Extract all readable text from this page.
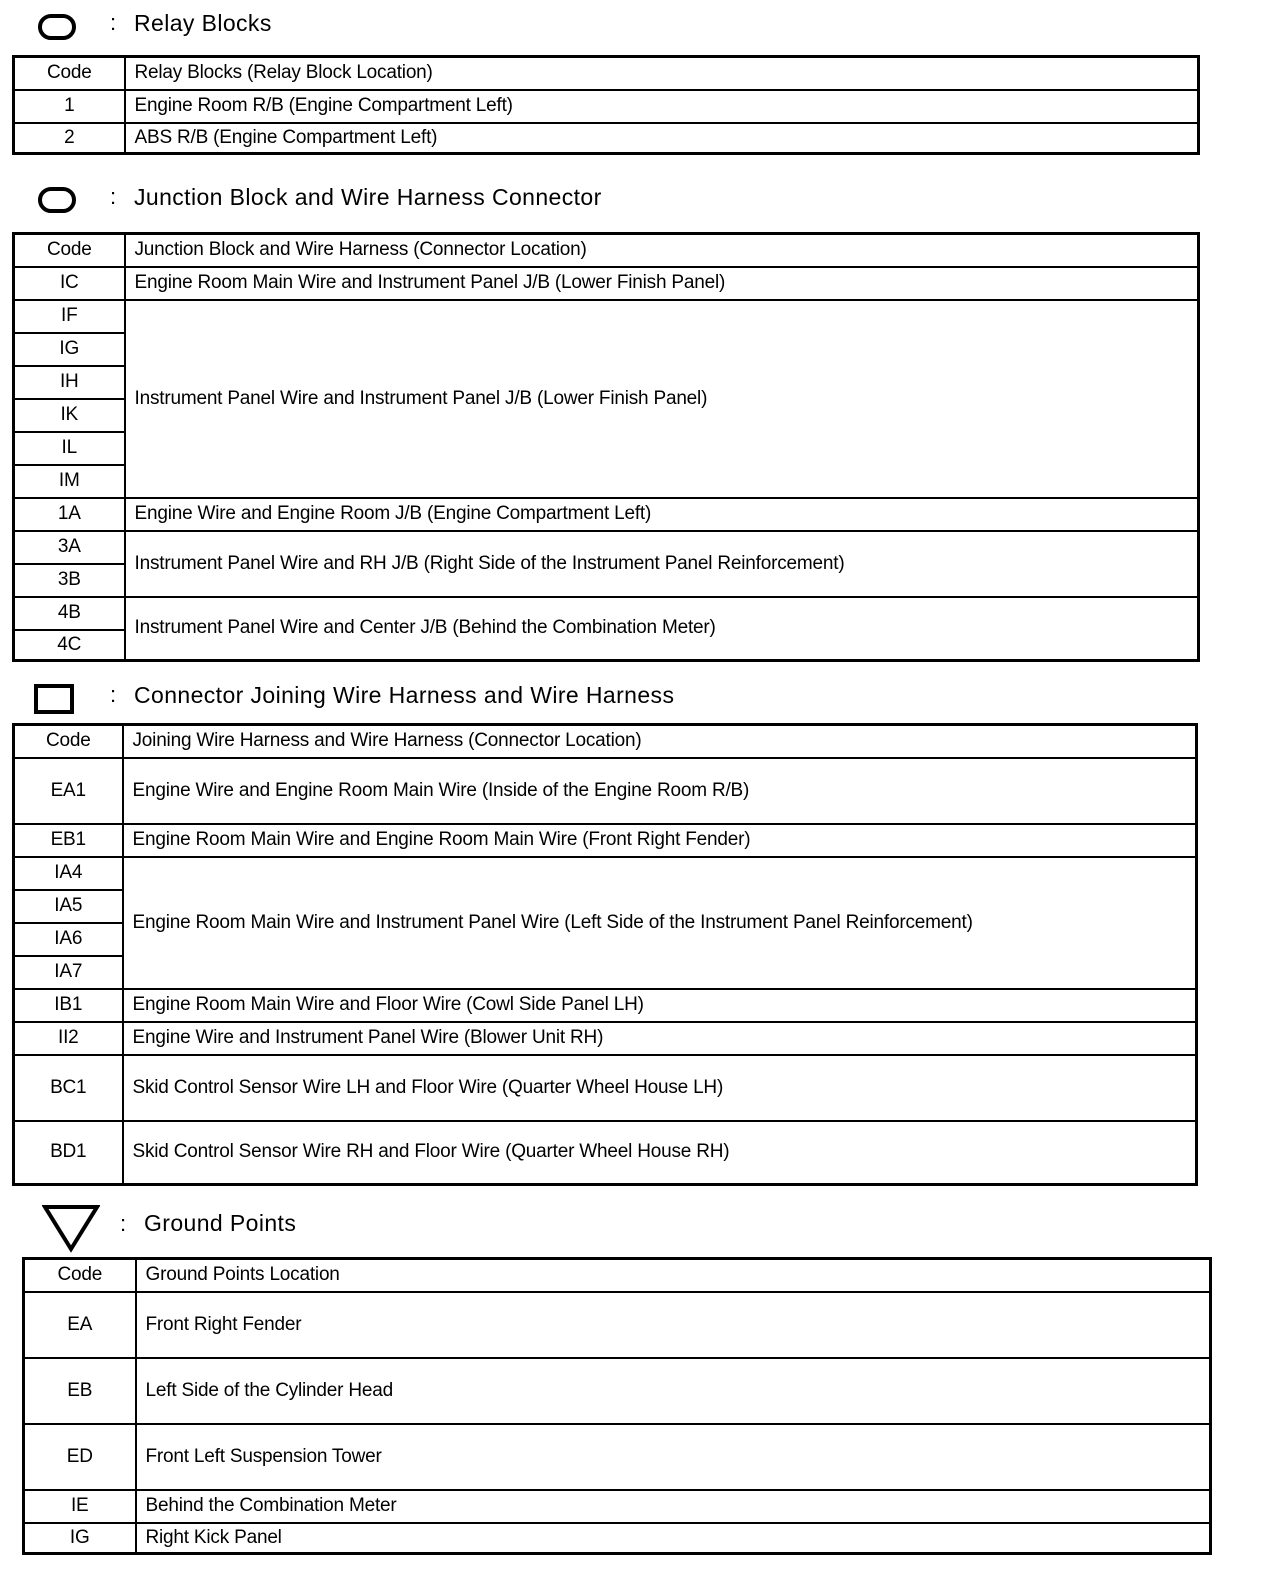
: Relay Blocks
Code	Relay Blocks (Relay Block Location)
1	Engine Room R/B (Engine Compartment Left)
2	ABS R/B (Engine Compartment Left)
: Junction Block and Wire Harness Connector
Code	Junction Block and Wire Harness (Connector Location)
IC	Engine Room Main Wire and Instrument Panel J/B (Lower Finish Panel)
IF	Instrument Panel Wire and Instrument Panel J/B (Lower Finish Panel)
IG	
IH	
IK	
IL	
IM	
1A	Engine Wire and Engine Room J/B (Engine Compartment Left)
3A	Instrument Panel Wire and RH J/B (Right Side of the Instrument Panel Reinforcement)
3B	
4B	Instrument Panel Wire and Center J/B (Behind the Combination Meter)
4C	
: Connector Joining Wire Harness and Wire Harness
Code	Joining Wire Harness and Wire Harness (Connector Location)
EA1	Engine Wire and Engine Room Main Wire (Inside of the Engine Room R/B)
EB1	Engine Room Main Wire and Engine Room Main Wire (Front Right Fender)
IA4	Engine Room Main Wire and Instrument Panel Wire (Left Side of the Instrument Panel Reinforcement)
IA5	
IA6	
IA7	
IB1	Engine Room Main Wire and Floor Wire (Cowl Side Panel LH)
II2	Engine Wire and Instrument Panel Wire (Blower Unit RH)
BC1	Skid Control Sensor Wire LH and Floor Wire (Quarter Wheel House LH)
BD1	Skid Control Sensor Wire RH and Floor Wire (Quarter Wheel House RH)
: Ground Points
Code	Ground Points Location
EA	Front Right Fender
EB	Left Side of the Cylinder Head
ED	Front Left Suspension Tower
IE	Behind the Combination Meter
IG	Right Kick Panel
